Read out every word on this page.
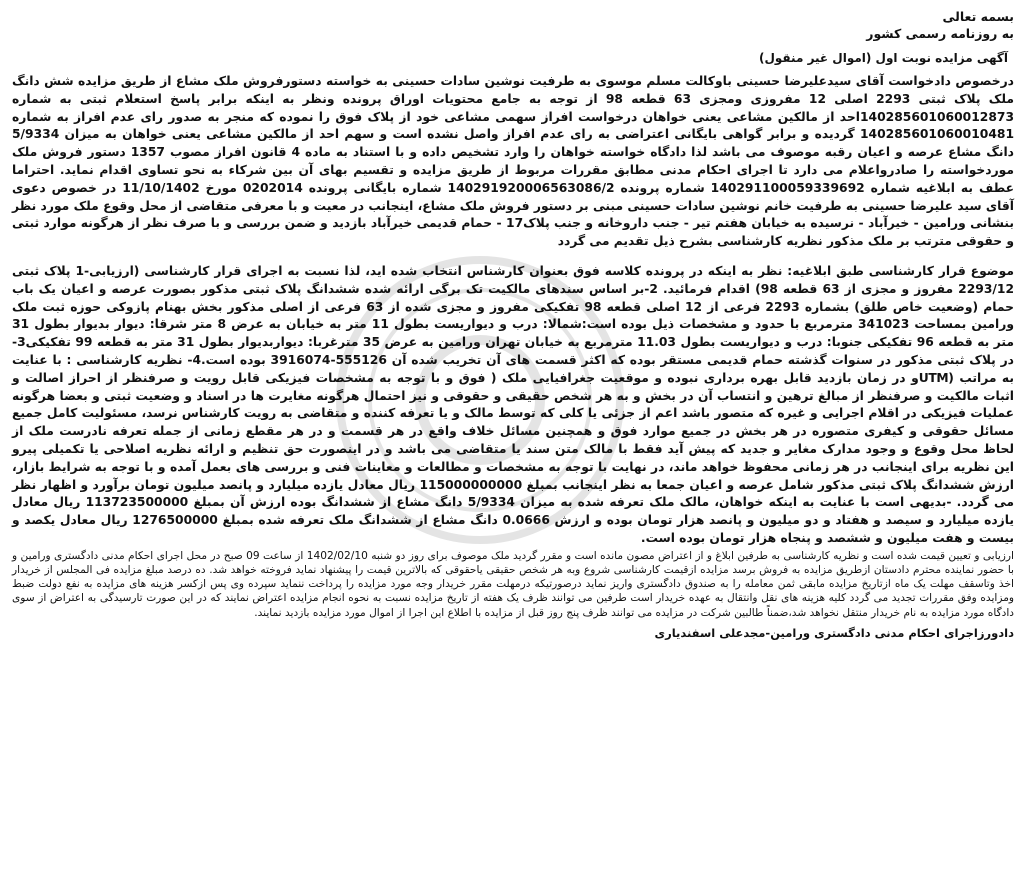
بسمه تعالی

به روزنامه رسمی کشور

آگهی مزایده نوبت اول (اموال غیر منقول)

درخصوص دادخواست آقای سیدعلیرضا حسینی باوکالت مسلم موسوی به طرفیت نوشین سادات حسینی به خواسته دستورفروش ملک مشاع از طریق مزایده شش دانگ ملک پلاک ثبتی 2293 اصلی 12 مفروزی ومجزی 63 قطعه 98 از توجه به جامع محتویات اوراق پرونده ونظر به اینکه برابر پاسخ استعلام ثبتی به شماره 140285601060012873احد از مالکین مشاعی یعنی خواهان درخواست افراز سهمی مشاعی خود از پلاک فوق را نموده که منجر به صدور رای عدم افراز به شماره 140285601060010481 گردیده و برابر گواهی بایگانی اعتراضی به رای عدم افراز واصل نشده است و سهم احد از مالکین مشاعی یعنی خواهان به میزان 5/9334 دانگ مشاع عرصه و اعیان رقبه موصوف می باشد لذا دادگاه خواسته خواهان را وارد تشخیص داده و با استناد به ماده 4 قانون افراز مصوب 1357 دستور فروش ملک موردخواسته را صادرواعلام می دارد تا اجرای احکام مدنی مطابق مقررات مربوط از طریق مزایده و تقسیم بهای آن بین شرکاء به نحو تساوی اقدام نماید. احتراما عطف به ابلاغیه شماره 140291100059339692 شماره پرونده 140291920006563086/2 شماره بایگانی پرونده 0202014 مورخ 11/10/1402 در خصوص دعوی آقای سید علیرضا حسینی به طرفیت خانم نوشین سادات حسینی مبنی بر دستور فروش ملک مشاع، اینجانب در معیت و با معرفی متقاضی از محل وقوع ملک مورد نظر بنشانی ورامین - خیرآباد - نرسیده به خیابان هفتم تیر - جنب داروخانه و جنب پلاک17 - حمام قدیمی خیرآباد بازدید و ضمن بررسی و با صرف نظر از هرگونه موارد ثبتی و حقوقی مترتب بر ملک مذکور نظریه کارشناسی بشرح ذیل تقدیم می گردد

موضوع قرار کارشناسی طبق ابلاغیه: نظر به اینکه در پرونده کلاسه فوق بعنوان کارشناس انتخاب شده اید، لذا نسبت به اجرای قرار کارشناسی (ارزیابی-1 پلاک ثبتی 2293/12 مفروز و مجزی از 63 قطعه 98) اقدام فرمائید. 2-بر اساس سندهای مالکیت تک برگی ارائه شده ششدانگ پلاک ثبتی مذکور بصورت عرصه و اعیان یک باب حمام (وضعیت خاص طلق) بشماره 2293 فرعی از 12 اصلی قطعه 98 تفکیکی مفروز و مجزی شده از 63 فرعی از اصلی مذکور بخش بهنام پازوکی حوزه ثبت ملک ورامین بمساحت 341023 مترمربع با حدود و مشخصات ذیل بوده است:شمالا: درب و دیواریست بطول 11 متر به خیابان به عرض 8 متر شرقا: دیوار بدیوار بطول 31 متر به قطعه 96 تفکیکی جنوبا: درب و دیواریست بطول 11.03 مترمربع به خیابان تهران ورامین به عرض 35 مترغربا: دیواربدیوار بطول 31 متر به قطعه 99 تفکیکی3-در پلاک ثبتی مذکور در سنوات گذشته حمام قدیمی مستقر بوده که اکثر قسمت های آن تخریب شده آن 555126-3916074 بوده است.4- نظریه کارشناسی : با عنایت به مراتب (UTMو در زمان بازدید قابل بهره برداری نبوده و موقعیت جغرافیایی ملک ( فوق و با توجه به مشخصات فیزیکی قابل رویت و صرفنظر از احراز اصالت و اثبات مالکیت و صرفنظر از مبالغ ترهین و انتساب آن در بخش و به هر شخص حقیقی و حقوقی و نیز احتمال هرگونه مغایرت ها در اسناد و وضعیت ثبتی و بعضا هرگونه عملیات فیزیکی در اقلام اجرایی و غیره که متصور باشد اعم از جزئی یا کلی که توسط مالک و یا تعرفه کننده و متقاضی به رویت کارشناس نرسد، مسئولیت کامل جمیع مسائل حقوقی و کیفری متصوره در هر بخش در جمیع موارد فوق و همچنین مسائل خلاف واقع در هر قسمت و در هر مقطع زمانی از جمله تعرفه نادرست ملک از لحاظ محل وقوع و وجود مدارک مغایر و جدید که پیش آید فقط با مالک متن سند یا متقاضی می باشد و در اینصورت حق تنظیم و ارائه نظریه اصلاحی یا تکمیلی پیرو این نظریه برای اینجانب در هر زمانی محفوظ خواهد ماند، در نهایت با توجه به مشخصات و مطالعات و معاینات فنی و بررسی های بعمل آمده و با توجه به شرایط بازار، ارزش ششدانگ پلاک ثبتی مذکور شامل عرصه و اعیان جمعا به نظر اینجانب بمبلغ 115000000000 ریال معادل یازده میلیارد و پانصد میلیون تومان برآورد و اظهار نظر می گردد. -بدیهی است با عنایت به اینکه خواهان، مالک ملک تعرفه شده به میزان 5/9334 دانگ مشاع از ششدانگ بوده ارزش آن بمبلغ 113723500000 ریال معادل یازده میلیارد و سیصد و هفتاد و دو میلیون و پانصد هزار تومان بوده و ارزش 0.0666 دانگ مشاع از ششدانگ ملک تعرفه شده بمبلغ 1276500000 ریال معادل یکصد و بیست و هفت میلیون و ششصد و پنجاه هزار تومان بوده است.

ارزیابی و تعیین قیمت شده است و نظریه کارشناسی به طرفین ابلاغ و از اعتراض مصون مانده است و مقرر گردید ملک موصوف برای روز دو شنبه 1402/02/10 از ساعت 09 صبح در محل اجرای احکام مدنی دادگستری ورامین و با حضور نماینده محترم دادستان ازطریق مزایده به فروش برسد مزایده ازقیمت کارشناسی شروع وبه هر شخص حقیقی یاحقوقی که بالاترین قیمت را پیشنهاد نماید فروخته خواهد شد. ده درصد مبلغ مزایده فی المجلس از خریدار اخذ وتاسقف مهلت یک ماه ازتاریخ مزایده مابقی ثمن معامله را به صندوق دادگستری واریز نماید درصورتیکه درمهلت مقرر خریدار وجه مورد مزایده را پرداخت ننماید سپرده وی پس ازکسر هزینه های مزایده به نفع دولت ضبط ومزایده وفق مقررات تجدید می گردد کلیه هزینه های نقل وانتقال به عهده خریدار است طرفین می توانند ظرف یک هفته از تاریخ مزایده نسبت به نحوه انجام مزایده اعتراض نمایند که در این صورت تارسیدگی به اعتراض از سوی دادگاه مورد مزایده به نام خریدار منتقل نخواهد شد،ضمناً طالبین شرکت در مزایده می توانند ظرف پنج روز قبل از مزایده با اطلاع این اجرا از اموال مورد مزایده بازدید نمایند.

دادورزاجرای احکام مدنی دادگستری ورامین-مجدعلی اسفندیاری
